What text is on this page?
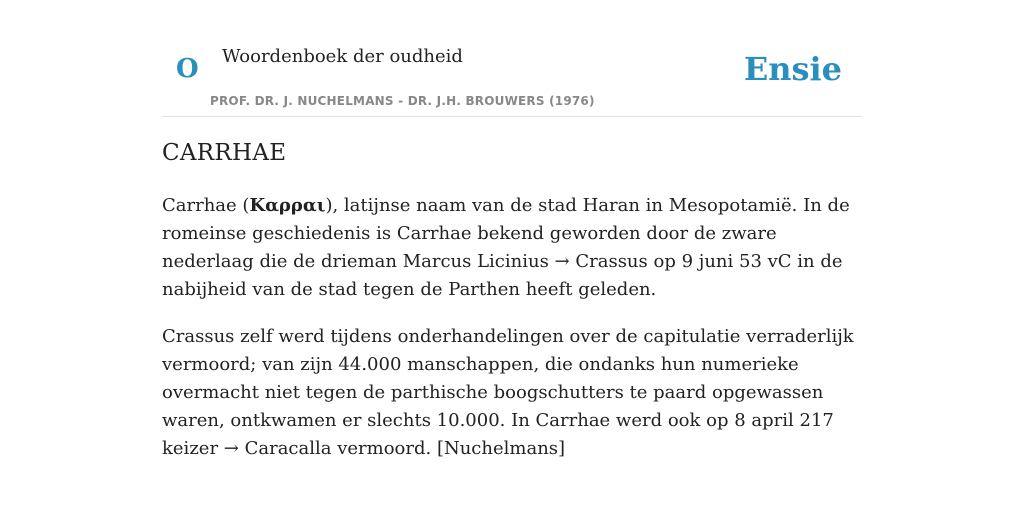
O Woordenboek der oudheid
PROF. DR. J. NUCHELMANS - DR. J.H. BROUWERS (1976)
Ensie
CARRHAE

Carrhae (Καρραι), latijnse naam van de stad Haran in Mesopotamië. In de romeinse geschiedenis is Carrhae bekend geworden door de zware nederlaag die de drieman Marcus Licinius → Crassus op 9 juni 53 vC in de nabijheid van de stad tegen de Parthen heeft geleden.

Crassus zelf werd tijdens onderhandelingen over de capitulatie verraderlijk vermoord; van zijn 44.000 manschappen, die ondanks hun numerieke overmacht niet tegen de parthische boogschutters te paard opgewassen waren, ontkwamen er slechts 10.000. In Carrhae werd ook op 8 april 217 keizer → Caracalla vermoord. [Nuchelmans]
